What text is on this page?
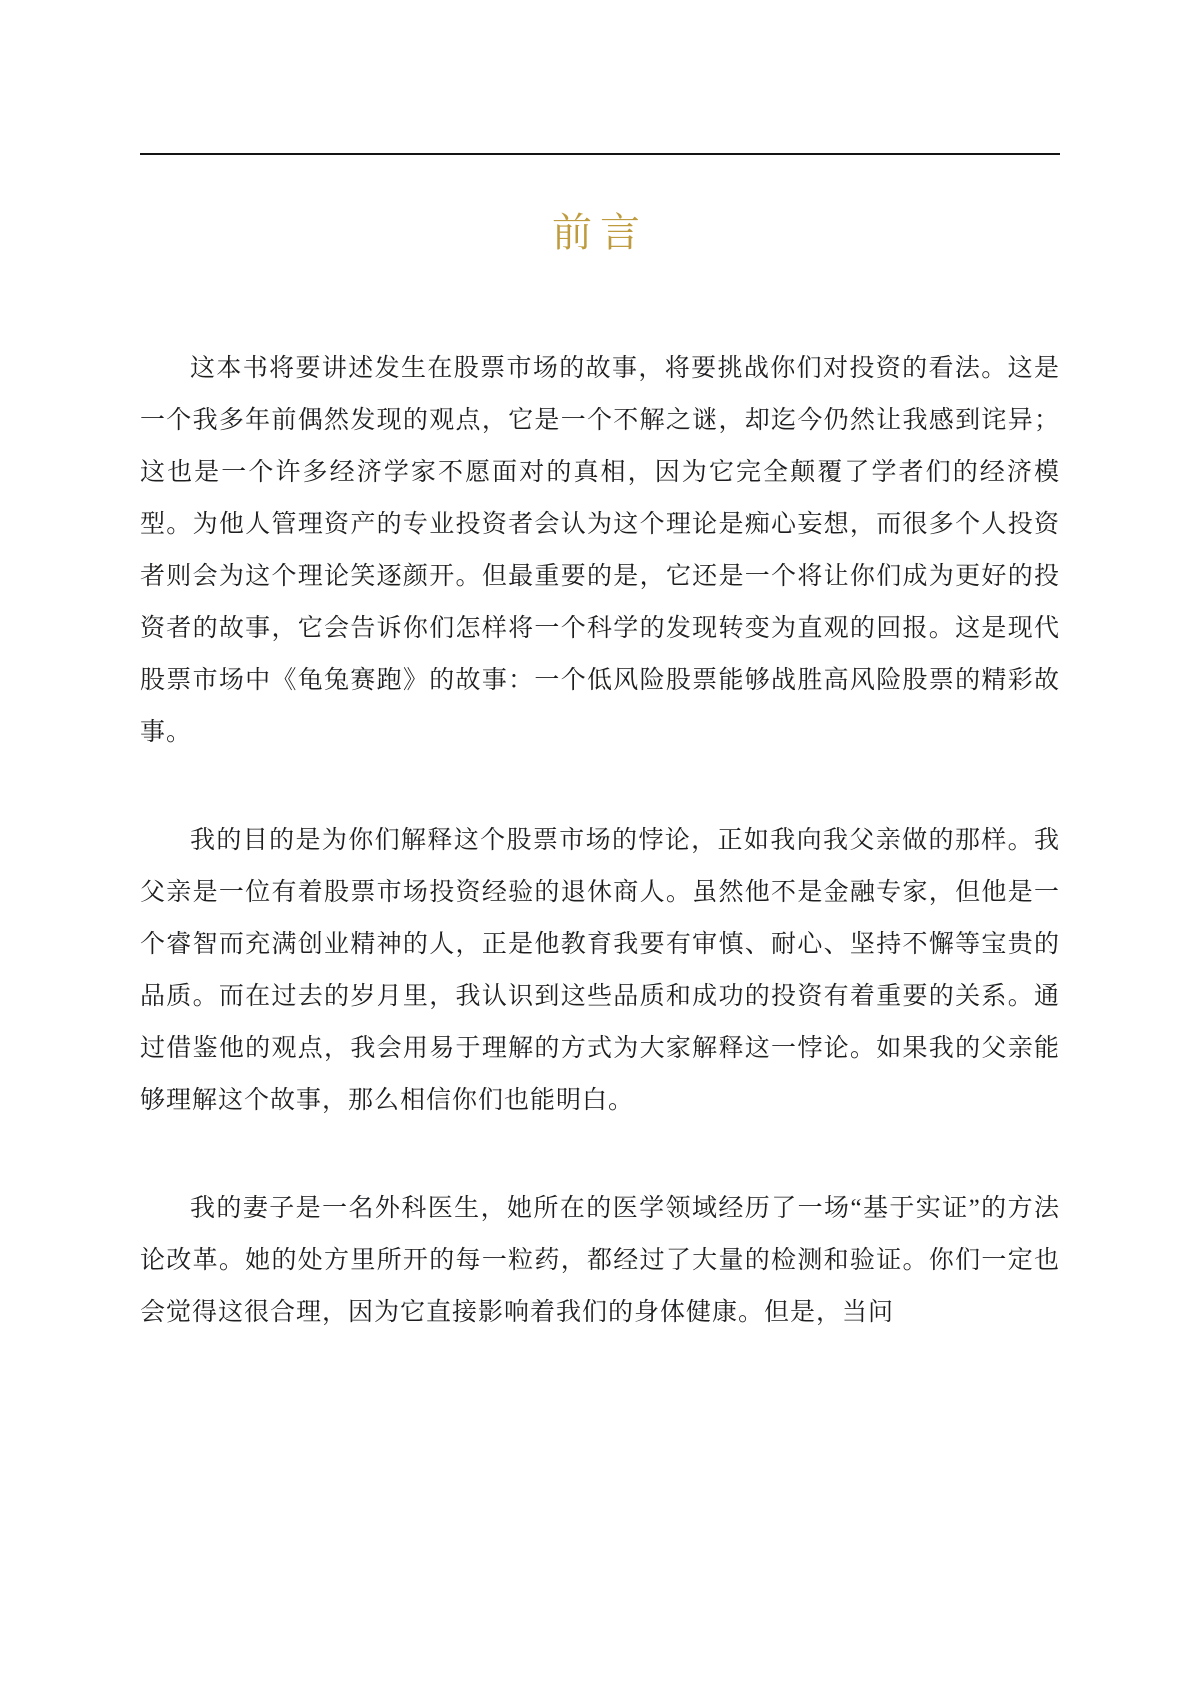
前言

这本书将要讲述发生在股票市场的故事，将要挑战你们对投资的看法。这是一个我多年前偶然发现的观点，它是一个不解之谜，却迄今仍然让我感到诧异；这也是一个许多经济学家不愿面对的真相，因为它完全颠覆了学者们的经济模型。为他人管理资产的专业投资者会认为这个理论是痴心妄想，而很多个人投资者则会为这个理论笑逐颜开。但最重要的是，它还是一个将让你们成为更好的投资者的故事，它会告诉你们怎样将一个科学的发现转变为直观的回报。这是现代股票市场中《龟兔赛跑》的故事：一个低风险股票能够战胜高风险股票的精彩故事。

我的目的是为你们解释这个股票市场的悖论，正如我向我父亲做的那样。我父亲是一位有着股票市场投资经验的退休商人。虽然他不是金融专家，但他是一个睿智而充满创业精神的人，正是他教育我要有审慎、耐心、坚持不懈等宝贵的品质。而在过去的岁月里，我认识到这些品质和成功的投资有着重要的关系。通过借鉴他的观点，我会用易于理解的方式为大家解释这一悖论。如果我的父亲能够理解这个故事，那么相信你们也能明白。

我的妻子是一名外科医生，她所在的医学领域经历了一场“基于实证”的方法论改革。她的处方里所开的每一粒药，都经过了大量的检测和验证。你们一定也会觉得这很合理，因为它直接影响着我们的身体健康。但是，当问
